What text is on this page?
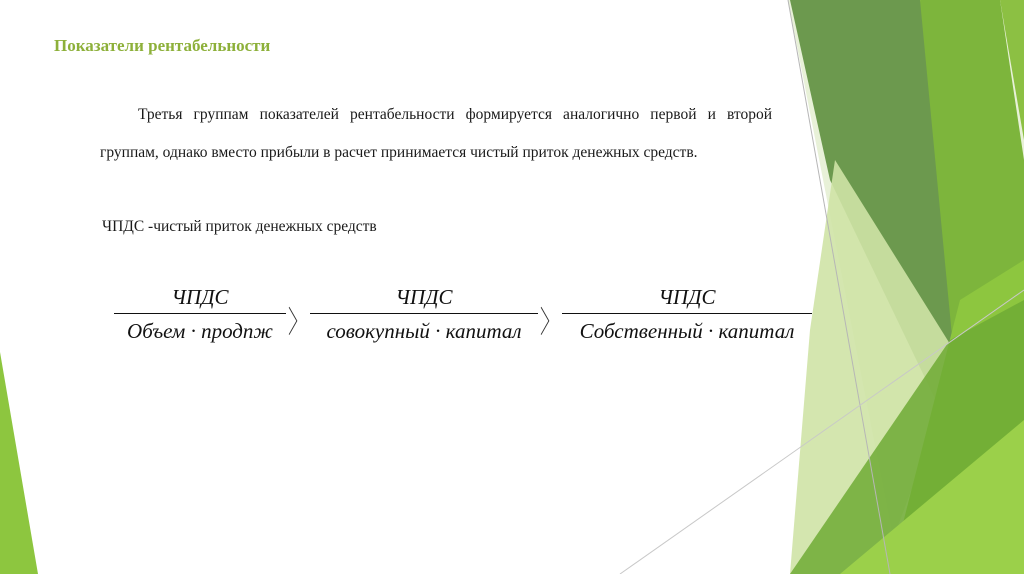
Показатели рентабельности
Третья группам показателей рентабельности формируется аналогично первой и второй группам, однако вместо прибыли в расчет принимается чистый приток денежных средств.
ЧПДС -чистый приток денежных средств
$\frac{\text{ЧПДС}}{\text{Объем · продпж}}$ 〉 $\frac{\text{ЧПДС}}{\text{совокупный · капитал}}$ 〉 $\frac{\text{ЧПДС}}{\text{Собственный · капитал}}$
